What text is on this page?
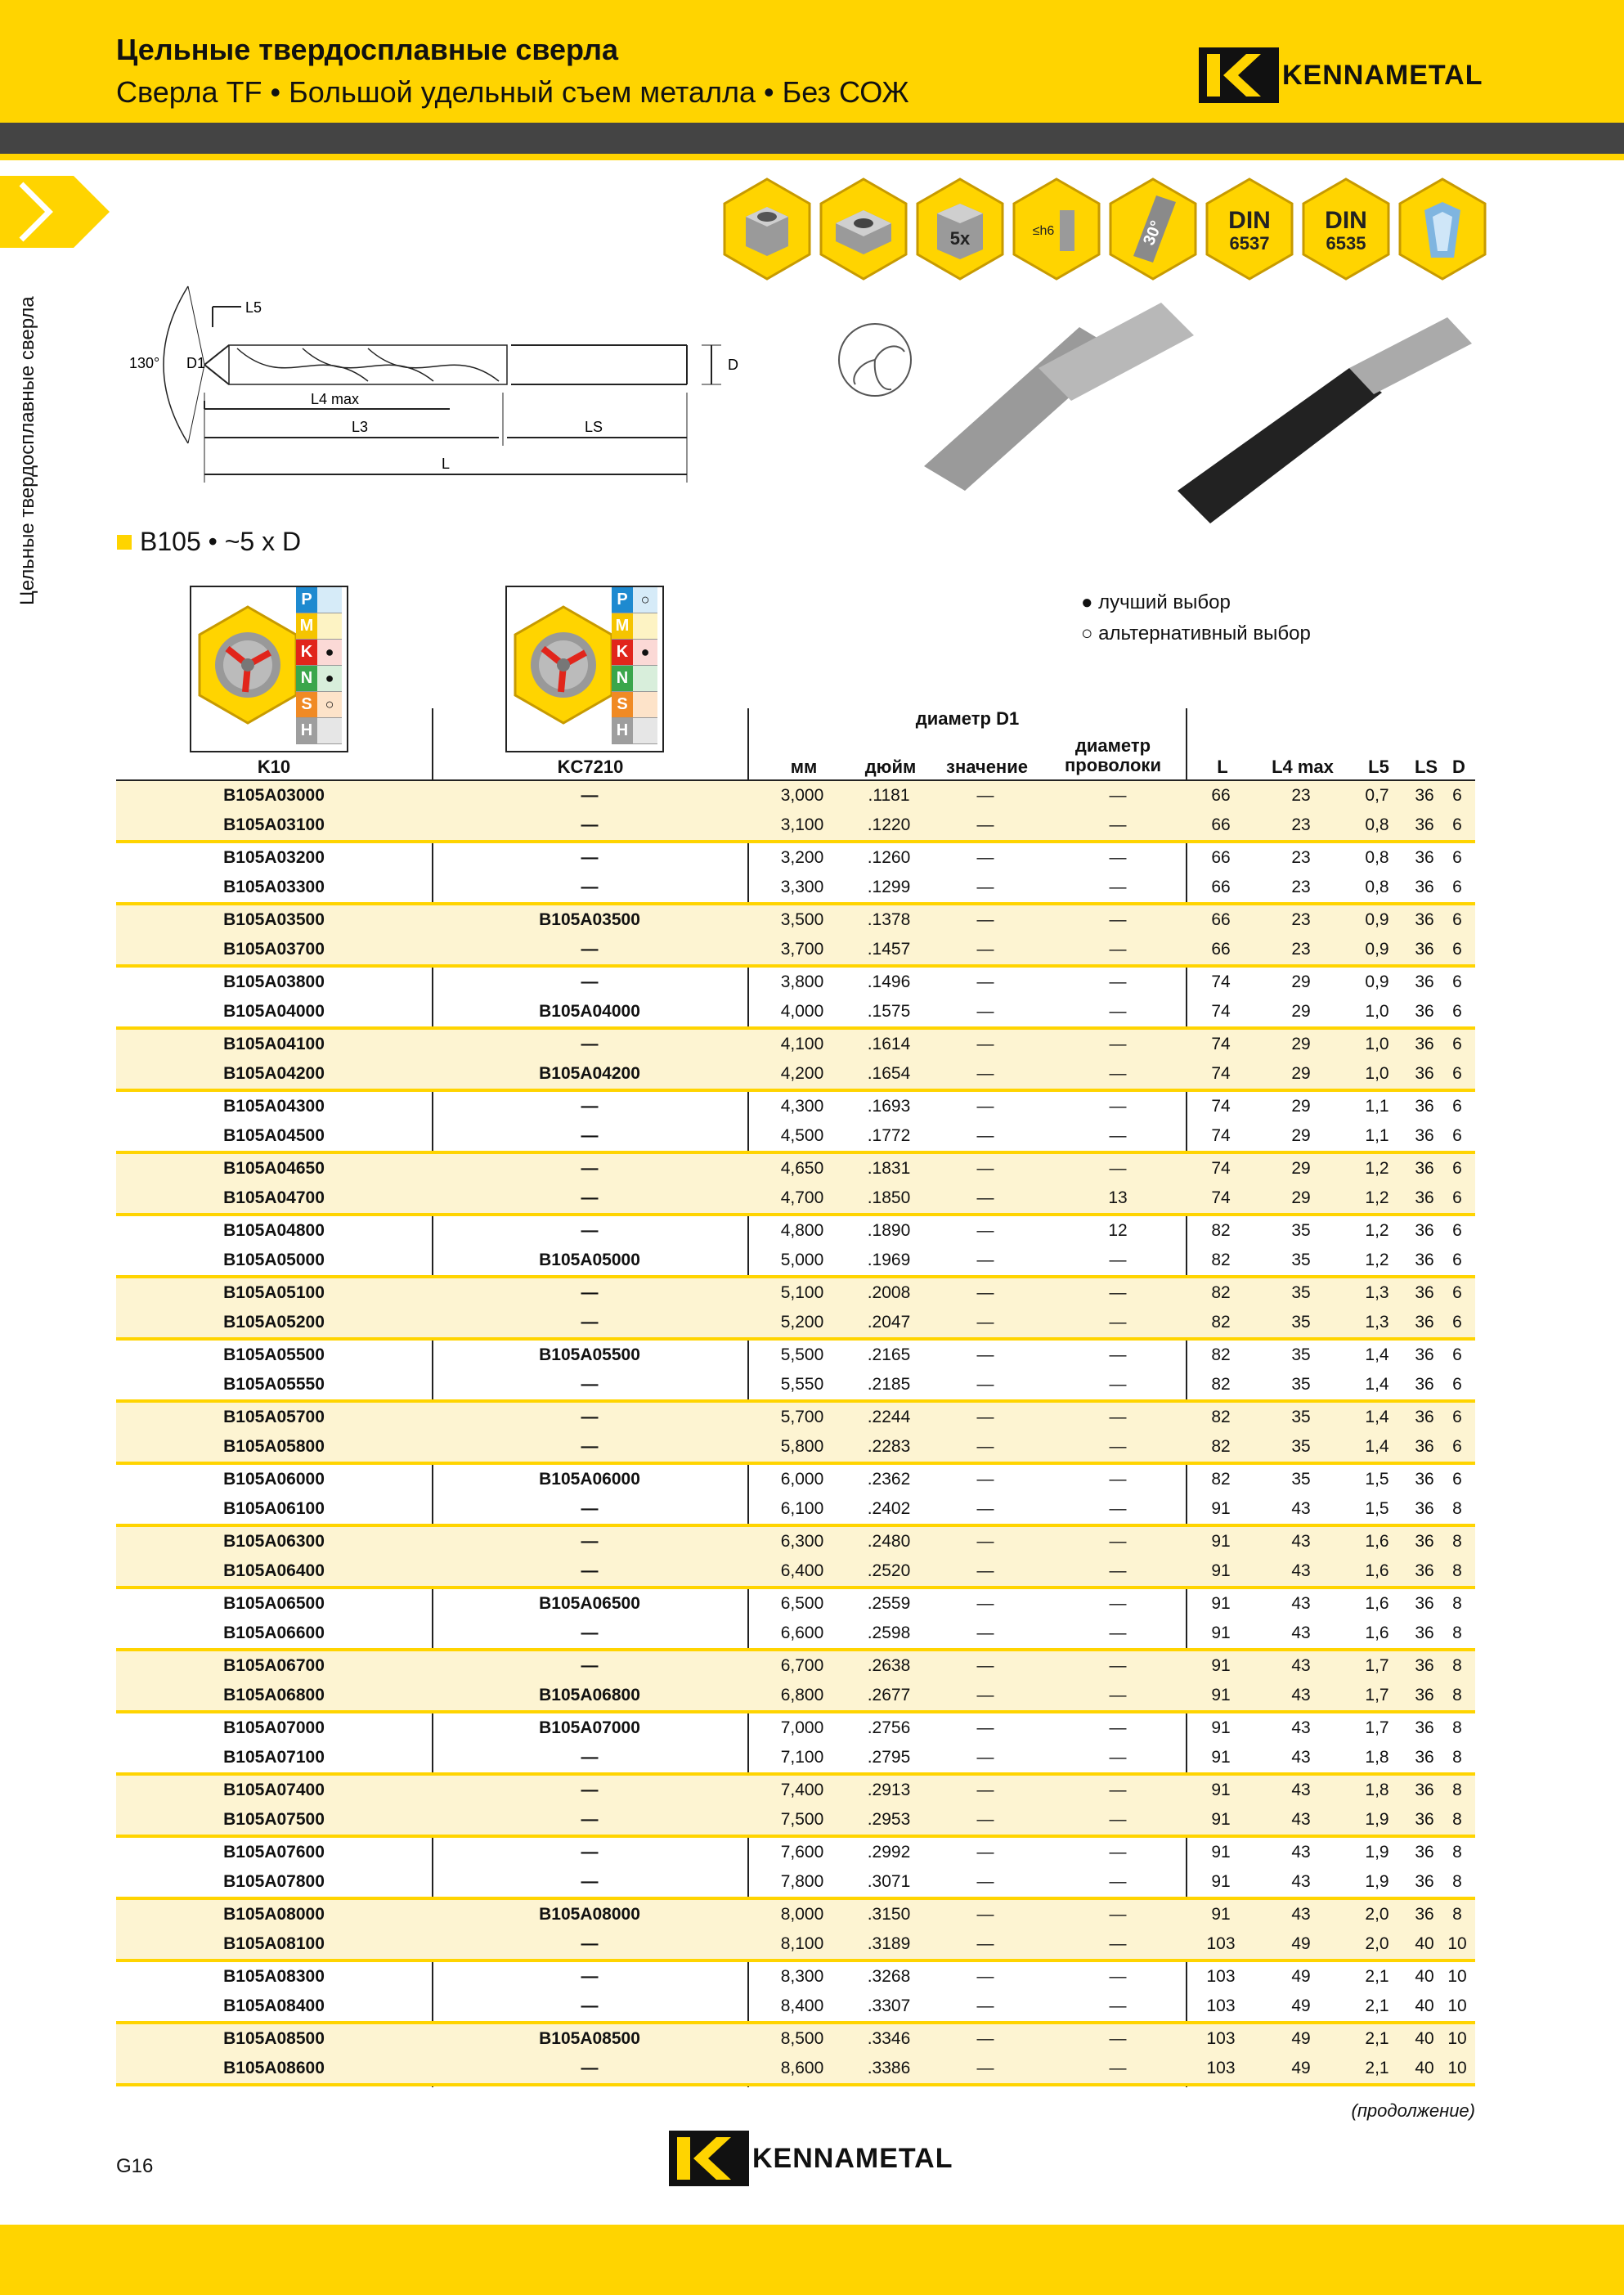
Цельные твердосплавные сверла
Сверла TF • Большой удельный съем металла • Без СОЖ
KENNAMETAL
Цельные твердосплавные сверла
5x	≤h6	30°	DIN
6537
DIN
6535
130° D1
L5
L4 max
L3	LS
L
D
B105 • ~5 x D
● лучший выбор
○ альтернативный выбор
P
M
K ●
N ●
S ○
H
P ○
M
K ●
N
S
H
K10	KC7210
диаметр D1
мм	дюйм	значение
диаметр проволоки	L	L4 max	L5	LS D
B105A03000	—	3,000	.1181	—	—	66	23	0,7	36	6
B105A03100	—	3,100	.1220	—	—	66	23	0,8	36	6
B105A03200	—	3,200	.1260	—	—	66	23	0,8	36	6
B105A03300	—	3,300	.1299	—	—	66	23	0,8	36	6
B105A03500	B105A03500	3,500	.1378	—	—	66	23	0,9	36	6
B105A03700	—	3,700	.1457	—	—	66	23	0,9	36	6
B105A03800	—	3,800	.1496	—	—	74	29	0,9	36	6
B105A04000	B105A04000	4,000	.1575	—	—	74	29	1,0	36	6
B105A04100	—	4,100	.1614	—	—	74	29	1,0	36	6
B105A04200	B105A04200	4,200	.1654	—	—	74	29	1,0	36	6
B105A04300	—	4,300	.1693	—	—	74	29	1,1	36	6
B105A04500	—	4,500	.1772	—	—	74	29	1,1	36	6
B105A04650	—	4,650	.1831	—	—	74	29	1,2	36	6
B105A04700	—	4,700	.1850	—	13	74	29	1,2	36	6
B105A04800	—	4,800	.1890	—	12	82	35	1,2	36	6
B105A05000	B105A05000	5,000	.1969	—	—	82	35	1,2	36	6
B105A05100	—	5,100	.2008	—	—	82	35	1,3	36	6
B105A05200	—	5,200	.2047	—	—	82	35	1,3	36	6
B105A05500	B105A05500	5,500	.2165	—	—	82	35	1,4	36	6
B105A05550	—	5,550	.2185	—	—	82	35	1,4	36	6
B105A05700	—	5,700	.2244	—	—	82	35	1,4	36	6
B105A05800	—	5,800	.2283	—	—	82	35	1,4	36	6
B105A06000	B105A06000	6,000	.2362	—	—	82	35	1,5	36	6
B105A06100	—	6,100	.2402	—	—	91	43	1,5	36	8
B105A06300	—	6,300	.2480	—	—	91	43	1,6	36	8
B105A06400	—	6,400	.2520	—	—	91	43	1,6	36	8
B105A06500	B105A06500	6,500	.2559	—	—	91	43	1,6	36	8
B105A06600	—	6,600	.2598	—	—	91	43	1,6	36	8
B105A06700	—	6,700	.2638	—	—	91	43	1,7	36	8
B105A06800	B105A06800	6,800	.2677	—	—	91	43	1,7	36	8
B105A07000	B105A07000	7,000	.2756	—	—	91	43	1,7	36	8
B105A07100	—	7,100	.2795	—	—	91	43	1,8	36	8
B105A07400	—	7,400	.2913	—	—	91	43	1,8	36	8
B105A07500	—	7,500	.2953	—	—	91	43	1,9	36	8
B105A07600	—	7,600	.2992	—	—	91	43	1,9	36	8
B105A07800	—	7,800	.3071	—	—	91	43	1,9	36	8
B105A08000	B105A08000	8,000	.3150	—	—	91	43	2,0	36	8
B105A08100	—	8,100	.3189	—	—	103	49	2,0	40 10
B105A08300	—	8,300	.3268	—	—	103	49	2,1	40 10
B105A08400	—	8,400	.3307	—	—	103	49	2,1	40 10
B105A08500	B105A08500	8,500	.3346	—	—	103	49	2,1	40 10
B105A08600	—	8,600	.3386	—	—	103	49	2,1	40 10
(продолжение)
G16	KENNAMETAL
